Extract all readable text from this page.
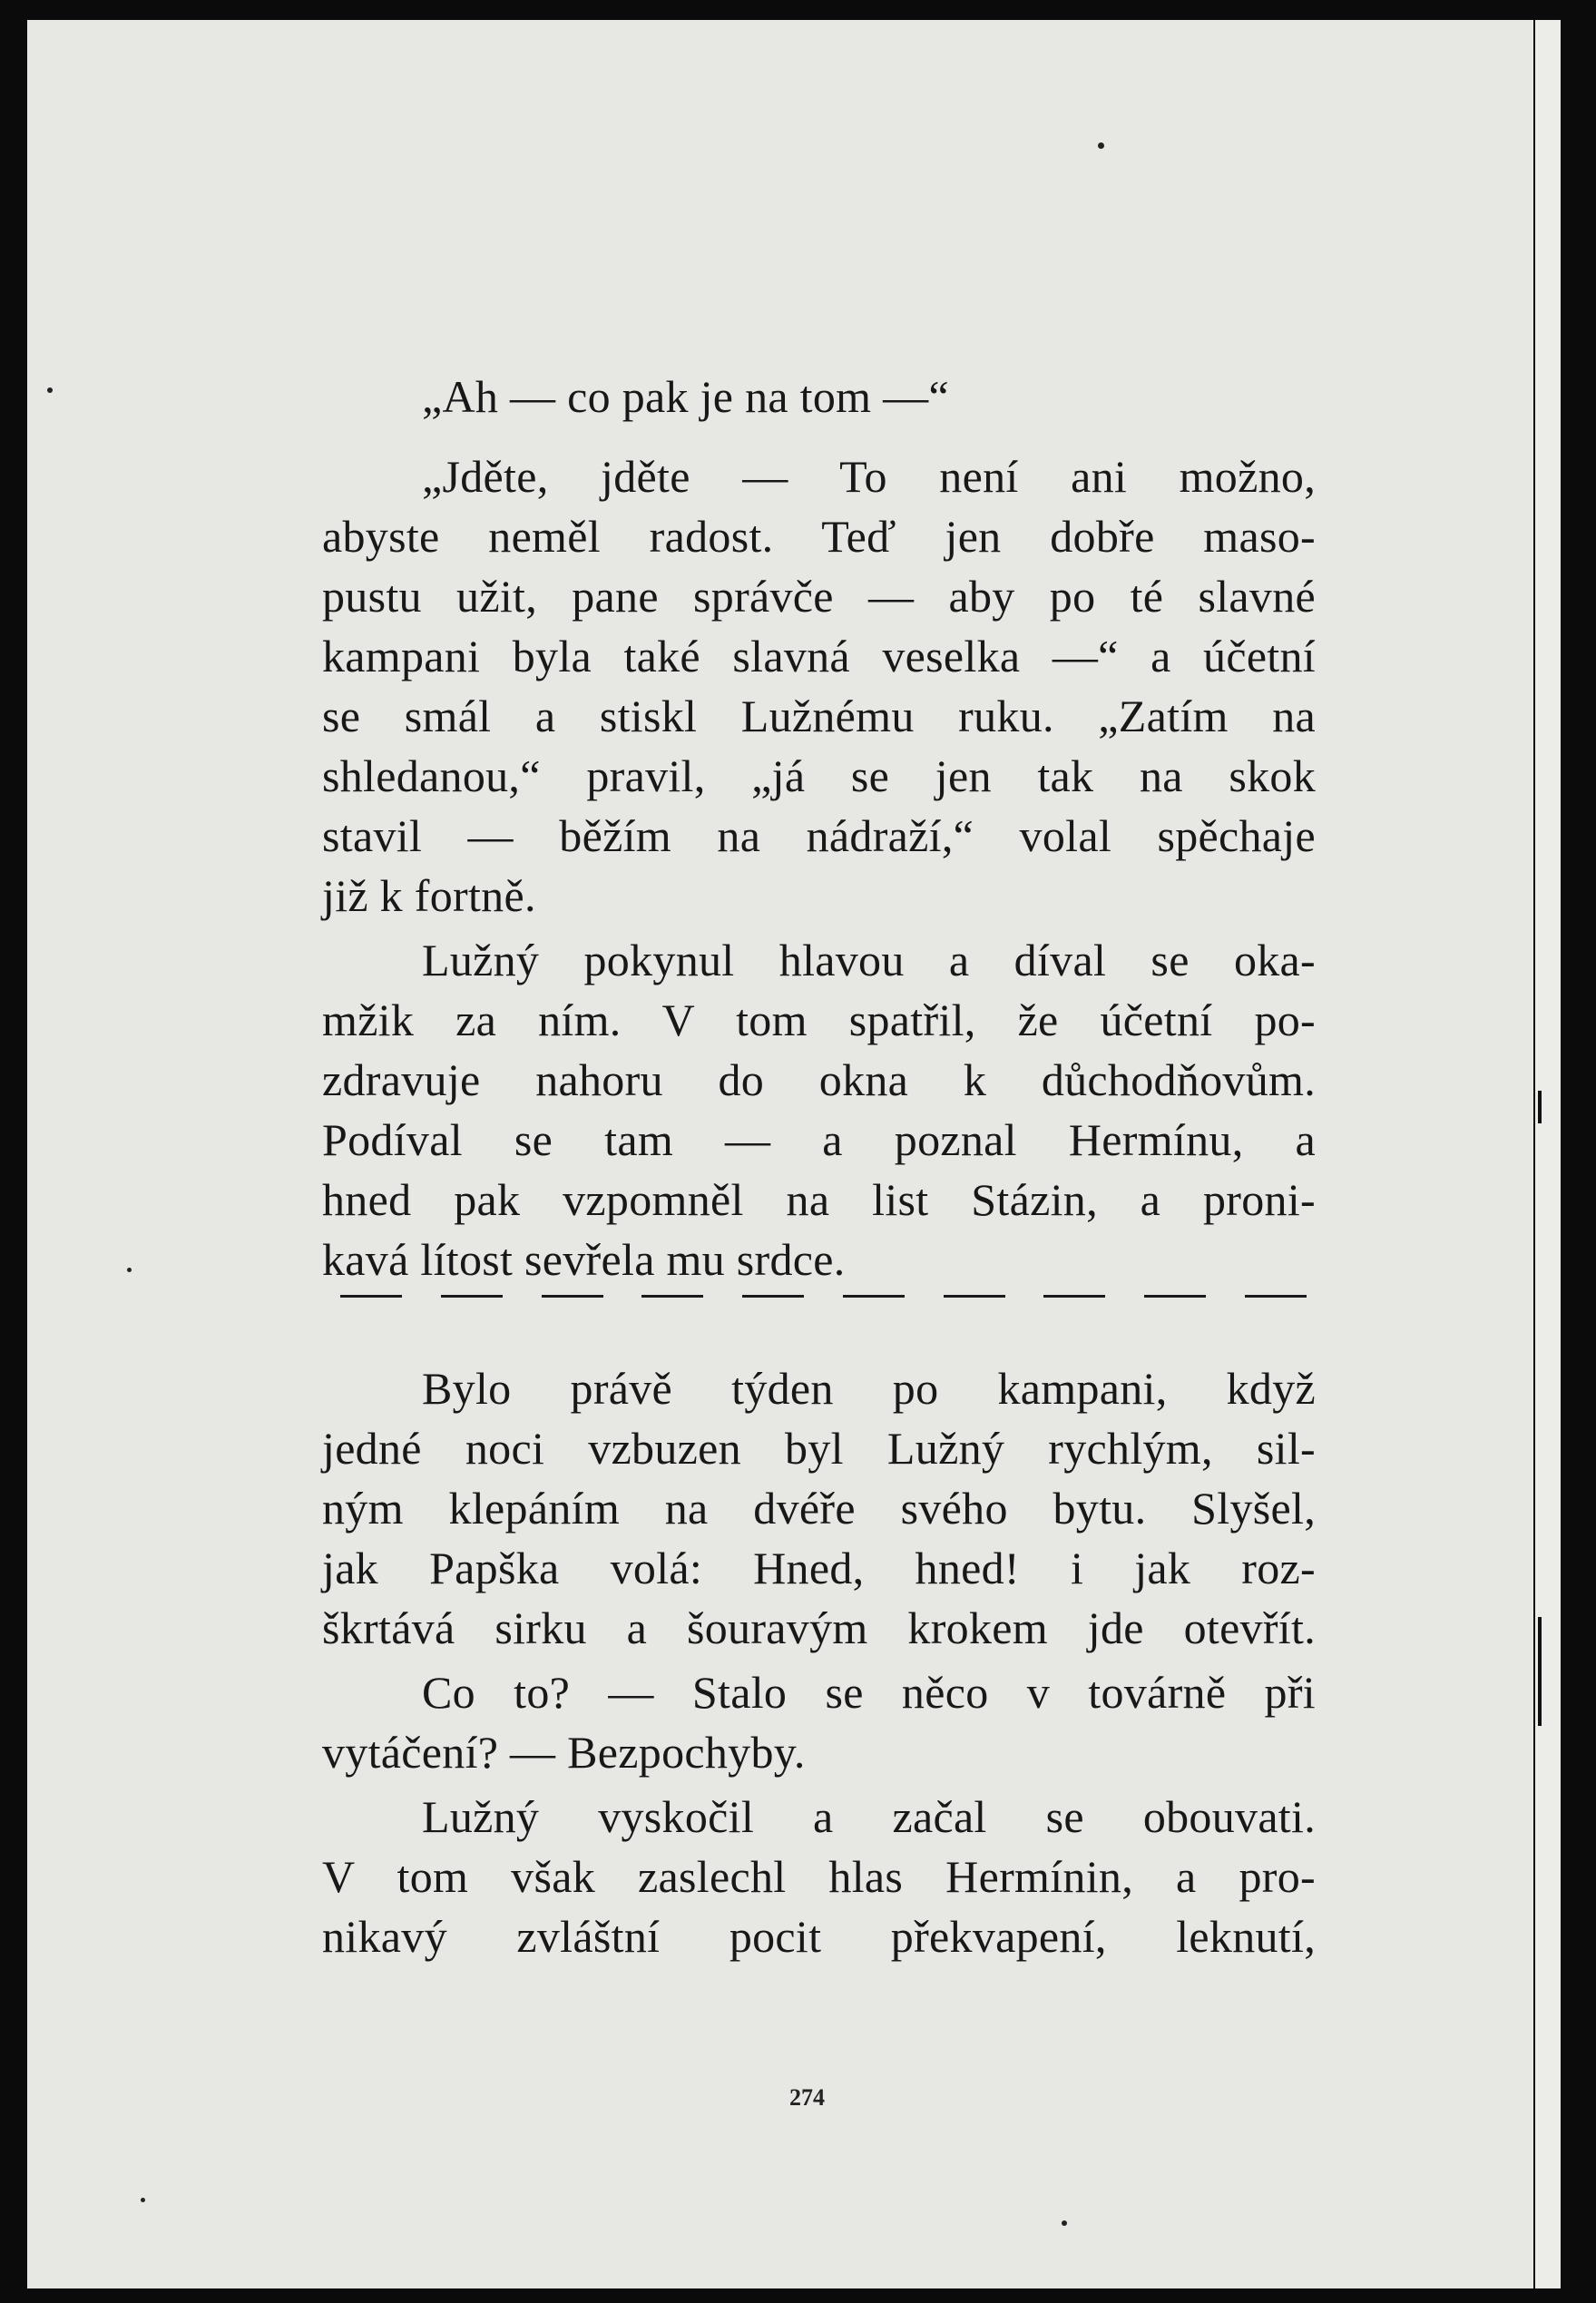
„Ah — co pak je na tom —“
„Jděte, jděte — To není ani možno,
abyste neměl radost. Teď jen dobře maso-
pustu užit, pane správče — aby po té slavné
kampani byla také slavná veselka —“ a účetní
se smál a stiskl Lužnému ruku. „Zatím na
shledanou,“ pravil, „já se jen tak na skok
stavil — běžím na nádraží,“ volal spěchaje
již k fortně.
Lužný pokynul hlavou a díval se oka-
mžik za ním. V tom spatřil, že účetní po-
zdravuje nahoru do okna k důchodňovům.
Podíval se tam — a poznal Hermínu, a
hned pak vzpomněl na list Stázin, a proni-
kavá lítost sevřela mu srdce.
Bylo právě týden po kampani, když
jedné noci vzbuzen byl Lužný rychlým, sil-
ným klepáním na dvéře svého bytu. Slyšel,
jak Papška volá: Hned, hned! i jak roz-
škrtává sirku a šouravým krokem jde otevřít.
Co to? — Stalo se něco v továrně při
vytáčení? — Bezpochyby.
Lužný vyskočil a začal se obouvati.
V tom však zaslechl hlas Hermínin, a pro-
nikavý zvláštní pocit překvapení, leknutí,
274
